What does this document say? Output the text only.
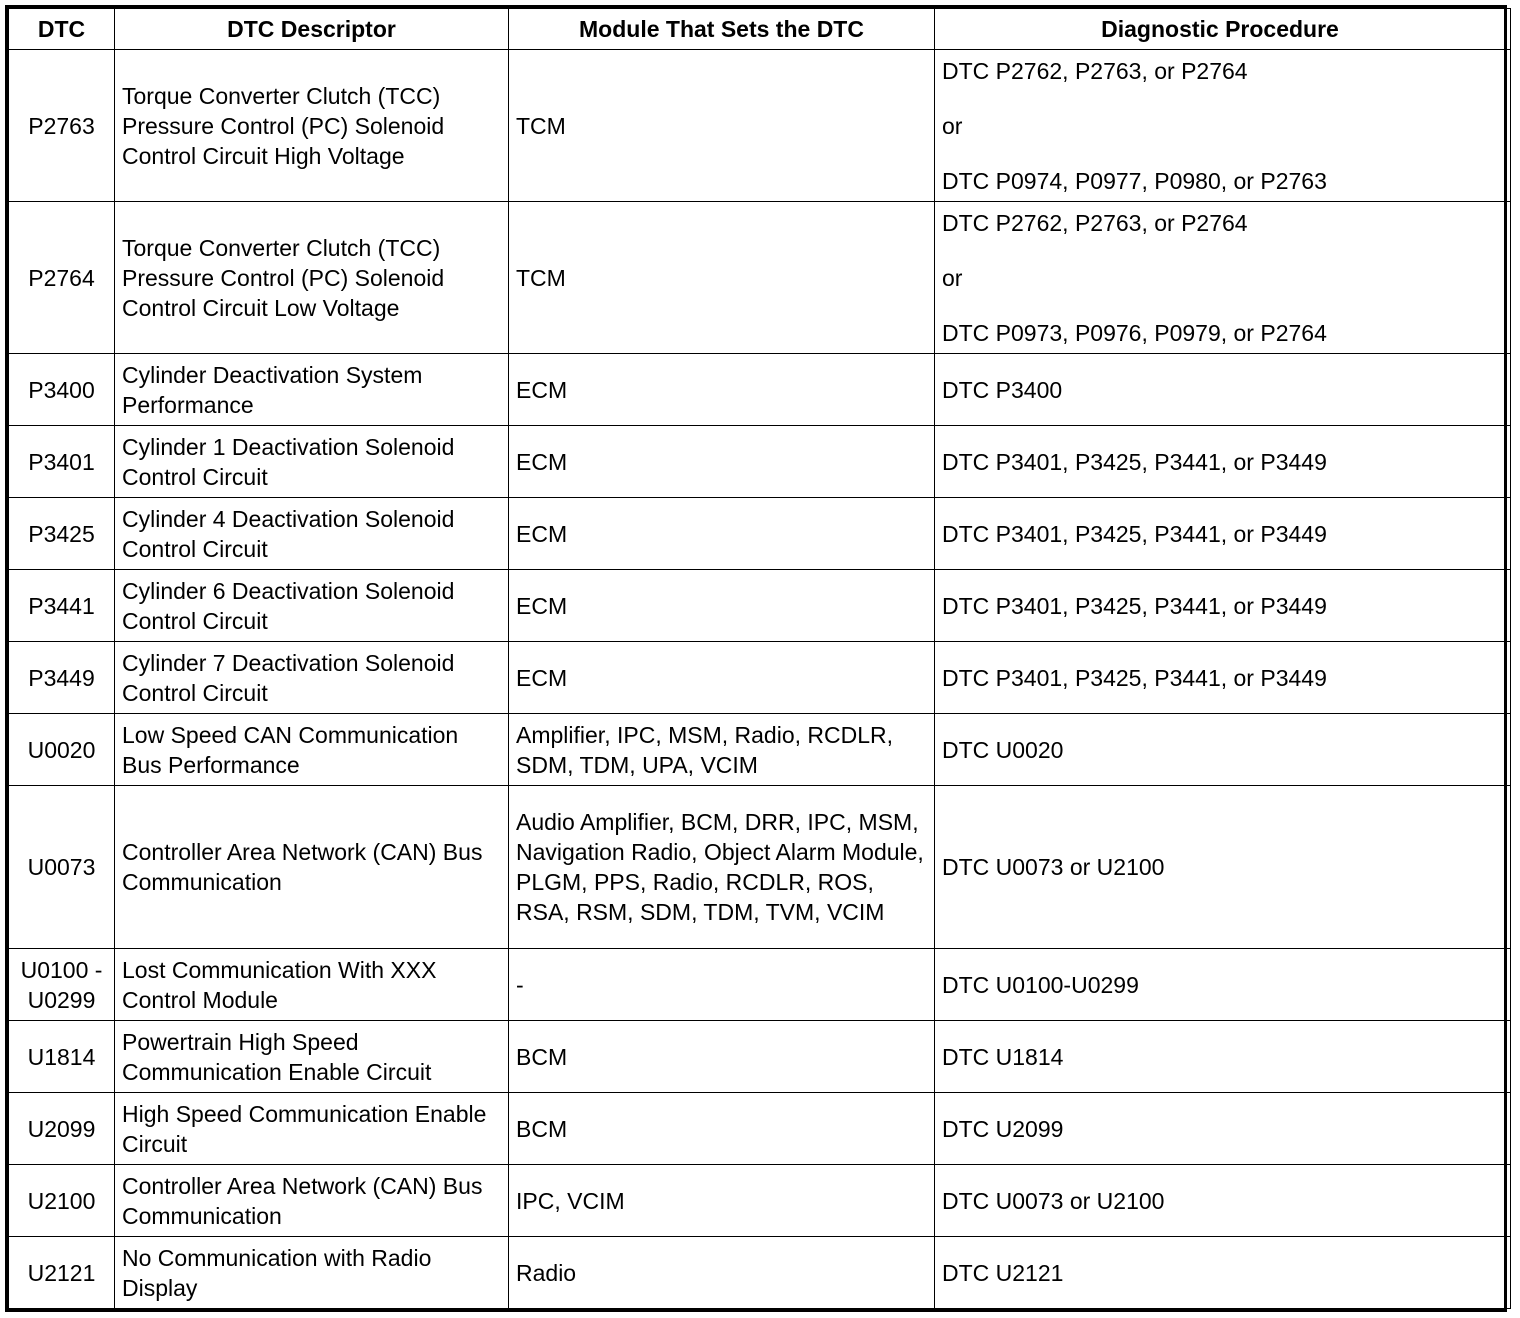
DTC	DTC Descriptor	Module That Sets the DTC	Diagnostic Procedure	
P2763	Torque Converter Clutch (TCC) Pressure Control (PC) Solenoid Control Circuit High Voltage	TCM	DTC P2762, P2763, or P2764

or

DTC P0974, P0977, P0980, or P2763	

P2764	Torque Converter Clutch (TCC) Pressure Control (PC) Solenoid Control Circuit Low Voltage	TCM	DTC P2762, P2763, or P2764

or

DTC P0973, P0976, P0979, or P2764	

P3400	Cylinder Deactivation System Performance	ECM	DTC P3400	

P3401	Cylinder 1 Deactivation Solenoid Control Circuit	ECM	DTC P3401, P3425, P3441, or P3449	

P3425	Cylinder 4 Deactivation Solenoid Control Circuit	ECM	DTC P3401, P3425, P3441, or P3449	

P3441	Cylinder 6 Deactivation Solenoid Control Circuit	ECM	DTC P3401, P3425, P3441, or P3449	

P3449	Cylinder 7 Deactivation Solenoid Control Circuit	ECM	DTC P3401, P3425, P3441, or P3449	

U0020	Low Speed CAN Communication Bus Performance	Amplifier, IPC, MSM, Radio, RCDLR, SDM, TDM, UPA, VCIM	DTC U0020	

U0073	Controller Area Network (CAN) Bus Communication	Audio Amplifier, BCM, DRR, IPC, MSM, Navigation Radio, Object Alarm Module, PLGM, PPS, Radio, RCDLR, ROS, RSA, RSM, SDM, TDM, TVM, VCIM	DTC U0073 or U2100	

U0100 - U0299	Lost Communication With XXX Control Module	-	DTC U0100-U0299	

U1814	Powertrain High Speed Communication Enable Circuit	BCM	DTC U1814	

U2099	High Speed Communication Enable Circuit	BCM	DTC U2099	

U2100	Controller Area Network (CAN) Bus Communication	IPC, VCIM	DTC U0073 or U2100	

U2121	No Communication with Radio Display	Radio	DTC U2121	
